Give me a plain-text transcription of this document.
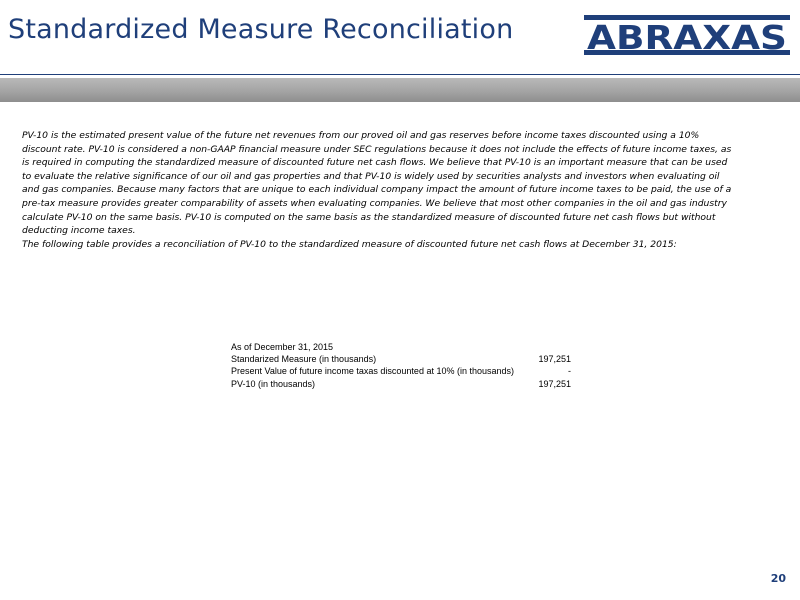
Standardized Measure Reconciliation ABRAXAS

PV-10 is the estimated present value of the future net revenues from our proved oil and gas reserves before income taxes discounted using a 10% discount rate. PV-10 is considered a non-GAAP financial measure under SEC regulations because it does not include the effects of future income taxes, as is required in computing the standardized measure of discounted future net cash flows. We believe that PV-10 is an important measure that can be used to evaluate the relative significance of our oil and gas properties and that PV-10 is widely used by securities analysts and investors when evaluating oil and gas companies. Because many factors that are unique to each individual company impact the amount of future income taxes to be paid, the use of a pre-tax measure provides greater comparability of assets when evaluating companies. We believe that most other companies in the oil and gas industry calculate PV-10 on the same basis. PV-10 is computed on the same basis as the standardized measure of discounted future net cash flows but without deducting income taxes.

The following table provides a reconciliation of PV-10 to the standardized measure of discounted future net cash flows at December 31, 2015:

As of December 31, 2015
Standarized Measure (in thousands)	197,251
Present Value of future income taxas discounted at 10% (in thousands)	-
PV-10 (in thousands)	197,251
20
